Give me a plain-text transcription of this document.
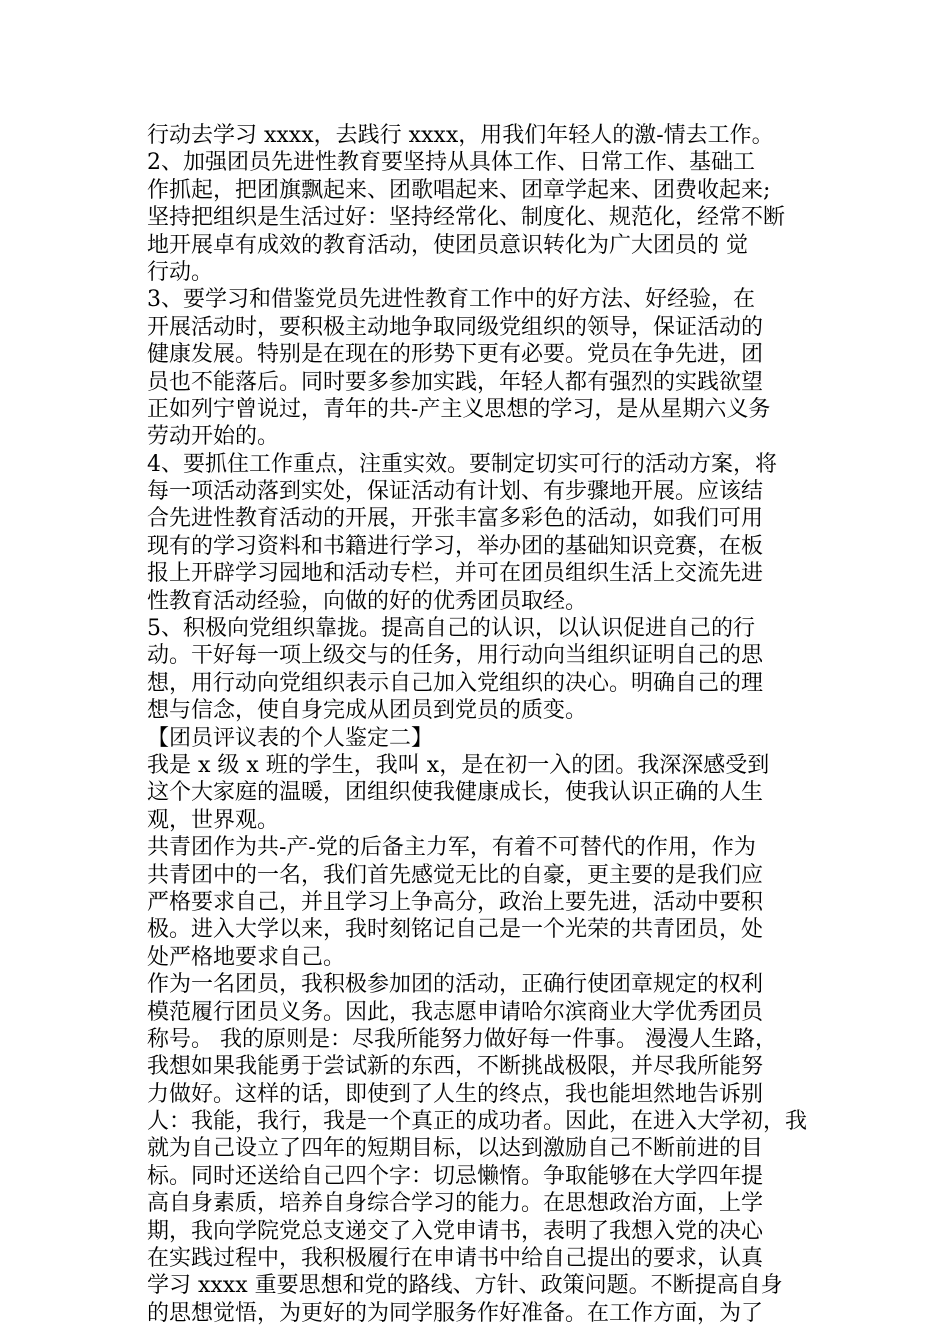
行动去学习 xxxx，去践行 xxxx，用我们年轻人的激-情去工作。
2、加强团员先进性教育要坚持从具体工作、日常工作、基础工
作抓起，把团旗飘起来、团歌唱起来、团章学起来、团费收起来;
坚持把组织是生活过好：坚持经常化、制度化、规范化，经常不断
地开展卓有成效的教育活动，使团员意识转化为广大团员的 觉
行动。
3、要学习和借鉴党员先进性教育工作中的好方法、好经验，在
开展活动时，要积极主动地争取同级党组织的领导，保证活动的
健康发展。特别是在现在的形势下更有必要。党员在争先进，团
员也不能落后。同时要多参加实践，年轻人都有强烈的实践欲望
正如列宁曾说过，青年的共-产主义思想的学习，是从星期六义务
劳动开始的。
4、要抓住工作重点，注重实效。要制定切实可行的活动方案，将
每一项活动落到实处，保证活动有计划、有步骤地开展。应该结
合先进性教育活动的开展，开张丰富多彩色的活动，如我们可用
现有的学习资料和书籍进行学习，举办团的基础知识竞赛，在板
报上开辟学习园地和活动专栏，并可在团员组织生活上交流先进
性教育活动经验，向做的好的优秀团员取经。
5、积极向党组织靠拢。提高自己的认识，以认识促进自己的行
动。干好每一项上级交与的任务，用行动向当组织证明自己的思
想，用行动向党组织表示自己加入党组织的决心。明确自己的理
想与信念，使自身完成从团员到党员的质变。
【团员评议表的个人鉴定二】
我是 x 级 x 班的学生，我叫 x，是在初一入的团。我深深感受到
这个大家庭的温暖，团组织使我健康成长，使我认识正确的人生
观，世界观。
共青团作为共-产-党的后备主力军，有着不可替代的作用，作为
共青团中的一名，我们首先感觉无比的自豪，更主要的是我们应
严格要求自己，并且学习上争高分，政治上要先进，活动中要积
极。进入大学以来，我时刻铭记自己是一个光荣的共青团员，处
处严格地要求自己。
作为一名团员，我积极参加团的活动，正确行使团章规定的权利
模范履行团员义务。因此，我志愿申请哈尔滨商业大学优秀团员
称号。 我的原则是：尽我所能努力做好每一件事。 漫漫人生路，
我想如果我能勇于尝试新的东西，不断挑战极限，并尽我所能努
力做好。这样的话，即使到了人生的终点，我也能坦然地告诉别
人：我能，我行，我是一个真正的成功者。因此，在进入大学初，我
就为自己设立了四年的短期目标，以达到激励自己不断前进的目
标。同时还送给自己四个字：切忌懒惰。争取能够在大学四年提
高自身素质，培养自身综合学习的能力。在思想政治方面，上学
期，我向学院党总支递交了入党申请书，表明了我想入党的决心
在实践过程中，我积极履行在申请书中给自己提出的要求，认真
学习 xxxx 重要思想和党的路线、方针、政策问题。不断提高自身
的思想觉悟，为更好的为同学服务作好准备。在工作方面，为了
